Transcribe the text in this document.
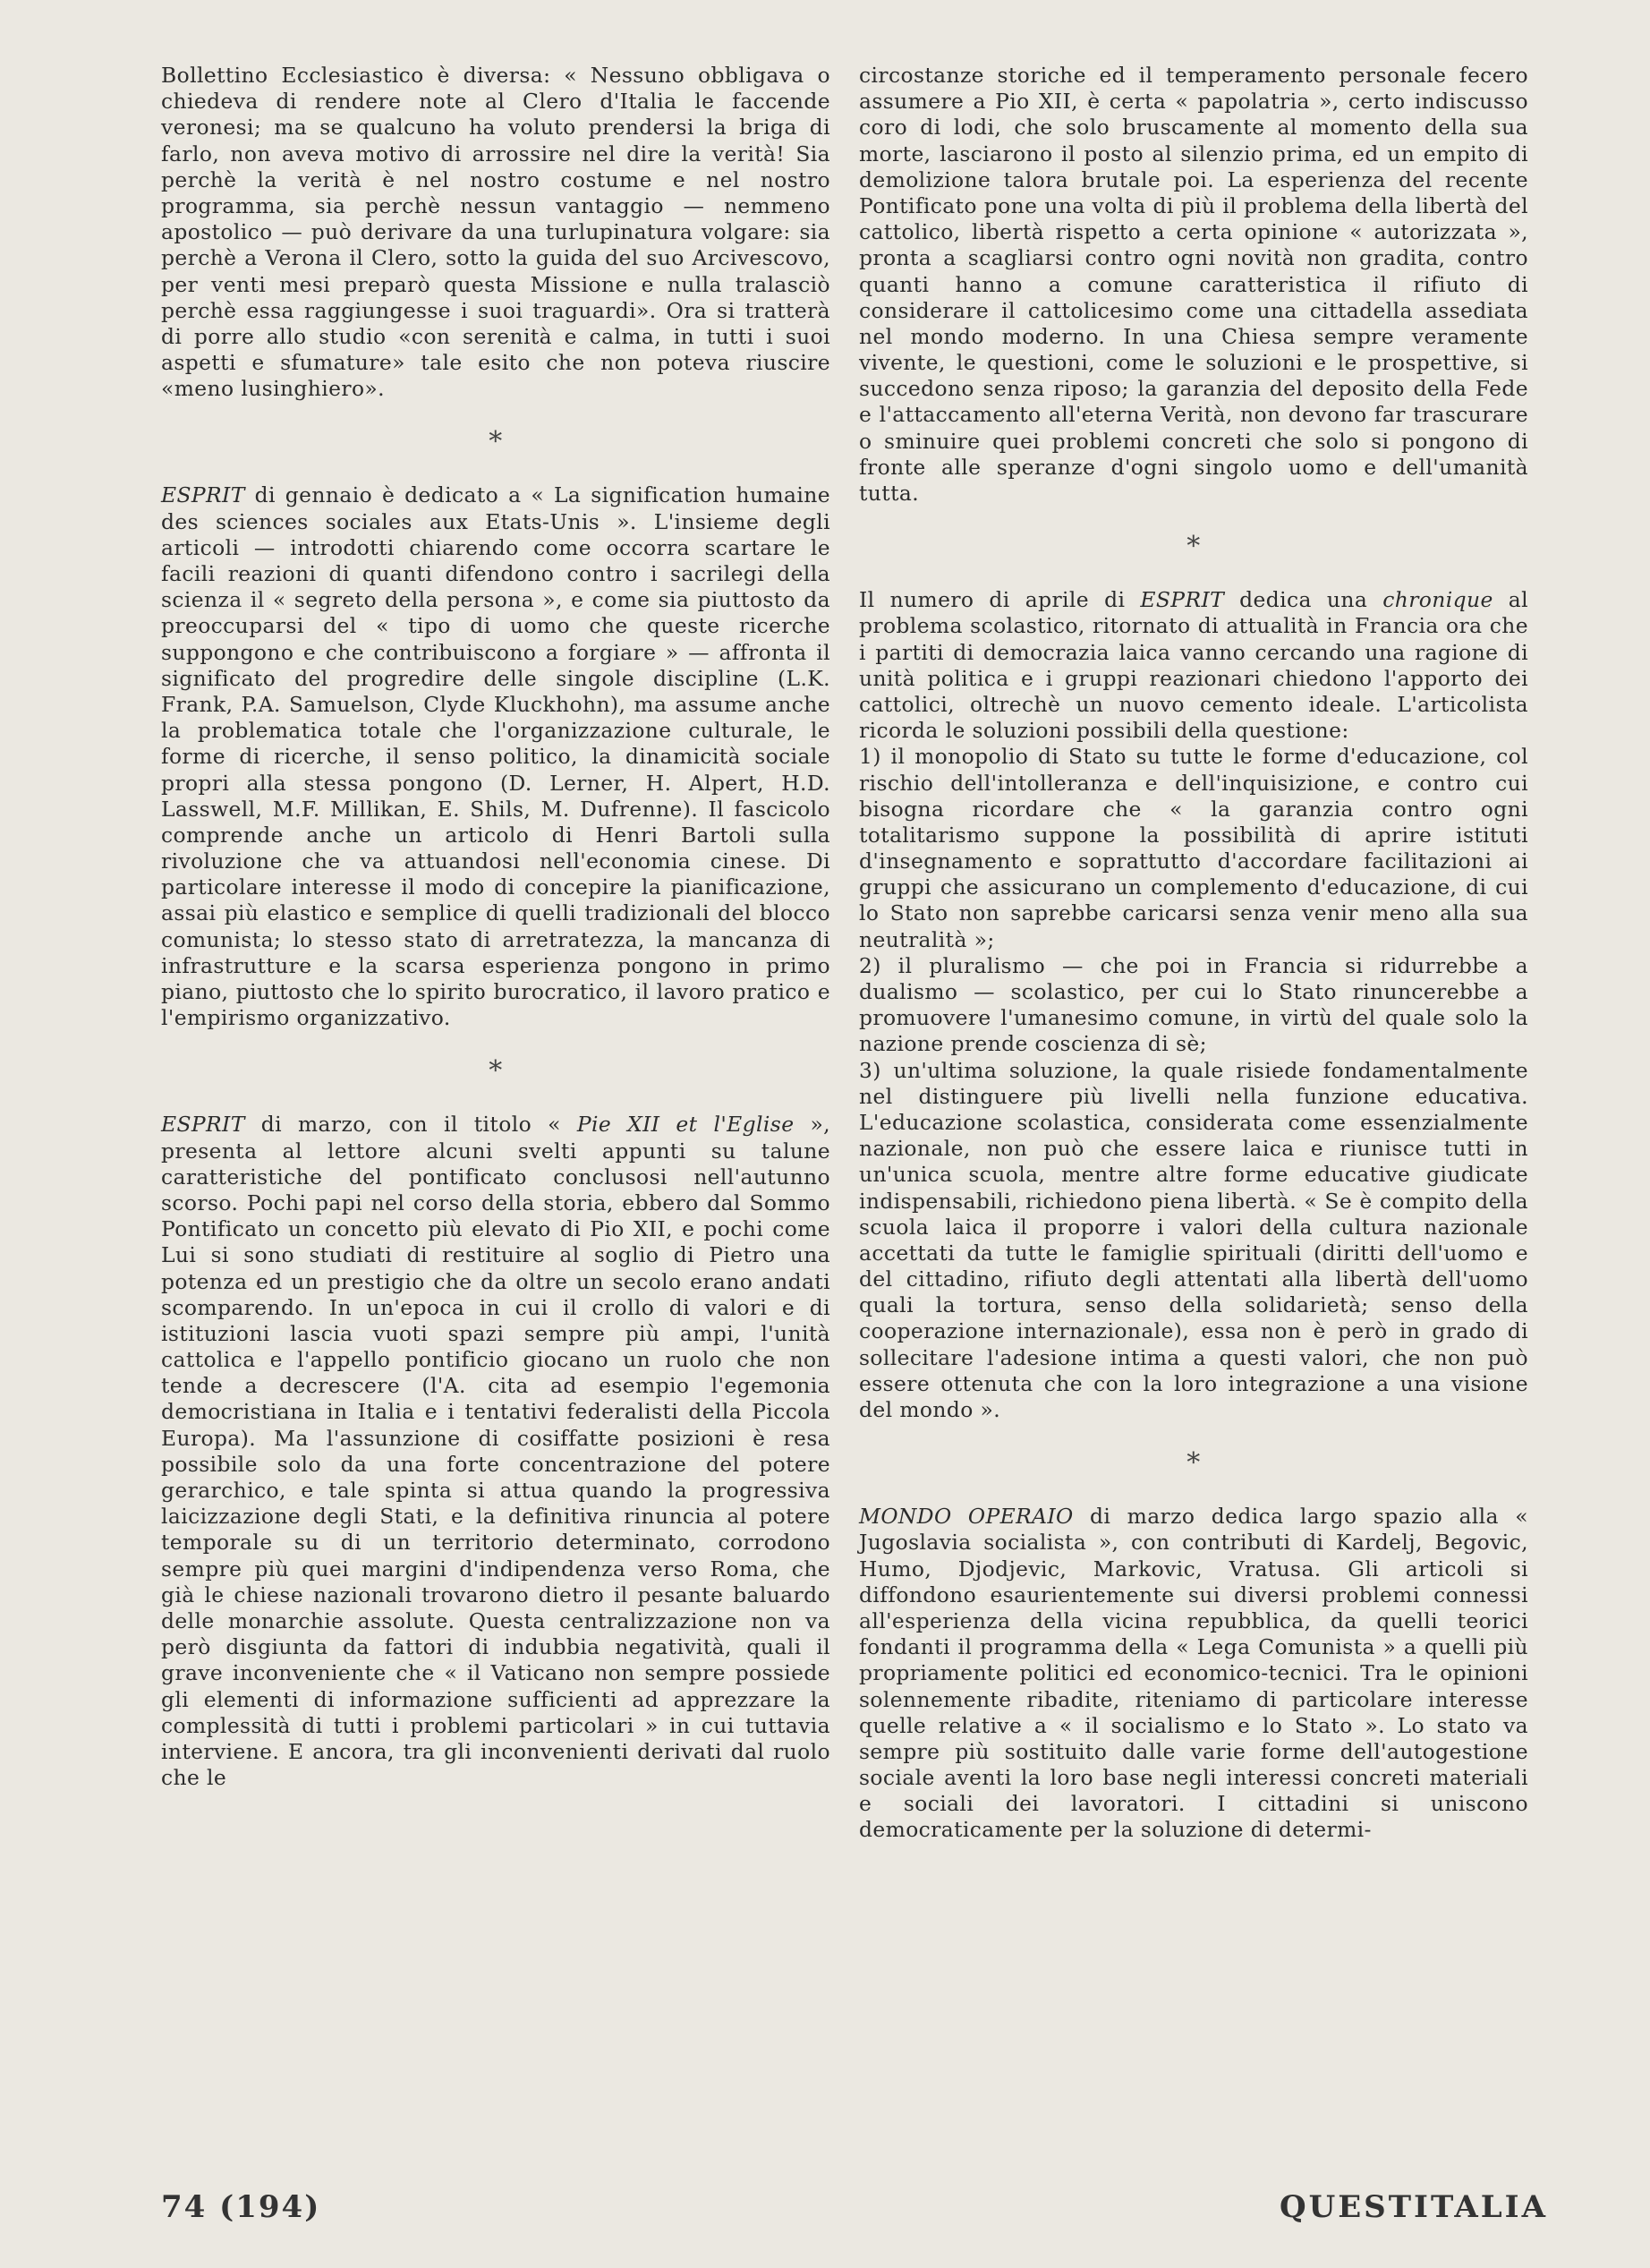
Bollettino Ecclesiastico è diversa: « Nessuno obbligava o chiedeva di rendere note al Clero d'Italia le faccende veronesi; ma se qualcuno ha voluto prendersi la briga di farlo, non aveva motivo di arrossire nel dire la verità! Sia perchè la verità è nel nostro costume e nel nostro programma, sia perchè nessun vantaggio — nemmeno apostolico — può derivare da una turlupinatura volgare: sia perchè a Verona il Clero, sotto la guida del suo Arcivescovo, per venti mesi preparò questa Missione e nulla tralasciò perchè essa raggiungesse i suoi traguardi». Ora si tratterà di porre allo studio «con serenità e calma, in tutti i suoi aspetti e sfumature» tale esito che non poteva riuscire «meno lusinghiero».

*

ESPRIT di gennaio è dedicato a « La signification humaine des sciences sociales aux Etats-Unis ». L'insieme degli articoli — introdotti chiarendo come occorra scartare le facili reazioni di quanti difendono contro i sacrilegi della scienza il « segreto della persona », e come sia piuttosto da preoccuparsi del « tipo di uomo che queste ricerche suppongono e che contribuiscono a forgiare » — affronta il significato del progredire delle singole discipline (L.K. Frank, P.A. Samuelson, Clyde Kluckhohn), ma assume anche la problematica totale che l'organizzazione culturale, le forme di ricerche, il senso politico, la dinamicità sociale propri alla stessa pongono (D. Lerner, H. Alpert, H.D. Lasswell, M.F. Millikan, E. Shils, M. Dufrenne). Il fascicolo comprende anche un articolo di Henri Bartoli sulla rivoluzione che va attuandosi nell'economia cinese. Di particolare interesse il modo di concepire la pianificazione, assai più elastico e semplice di quelli tradizionali del blocco comunista; lo stesso stato di arretratezza, la mancanza di infrastrutture e la scarsa esperienza pongono in primo piano, piuttosto che lo spirito burocratico, il lavoro pratico e l'empirismo organizzativo.

*

ESPRIT di marzo, con il titolo « Pie XII et l'Eglise », presenta al lettore alcuni svelti appunti su talune caratteristiche del pontificato conclusosi nell'autunno scorso. Pochi papi nel corso della storia, ebbero dal Sommo Pontificato un concetto più elevato di Pio XII, e pochi come Lui si sono studiati di restituire al soglio di Pietro una potenza ed un prestigio che da oltre un secolo erano andati scomparendo. In un'epoca in cui il crollo di valori e di istituzioni lascia vuoti spazi sempre più ampi, l'unità cattolica e l'appello pontificio giocano un ruolo che non tende a decrescere (l'A. cita ad esempio l'egemonia democristiana in Italia e i tentativi federalisti della Piccola Europa). Ma l'assunzione di cosiffatte posizioni è resa possibile solo da una forte concentrazione del potere gerarchico, e tale spinta si attua quando la progressiva laicizzazione degli Stati, e la definitiva rinuncia al potere temporale su di un territorio determinato, corrodono sempre più quei margini d'indipendenza verso Roma, che già le chiese nazionali trovarono dietro il pesante baluardo delle monarchie assolute. Questa centralizzazione non va però disgiunta da fattori di indubbia negatività, quali il grave inconveniente che « il Vaticano non sempre possiede gli elementi di informazione sufficienti ad apprezzare la complessità di tutti i problemi particolari » in cui tuttavia interviene. E ancora, tra gli inconvenienti derivati dal ruolo che le

circostanze storiche ed il temperamento personale fecero assumere a Pio XII, è certa « papolatria », certo indiscusso coro di lodi, che solo bruscamente al momento della sua morte, lasciarono il posto al silenzio prima, ed un empito di demolizione talora brutale poi. La esperienza del recente Pontificato pone una volta di più il problema della libertà del cattolico, libertà rispetto a certa opinione « autorizzata », pronta a scagliarsi contro ogni novità non gradita, contro quanti hanno a comune caratteristica il rifiuto di considerare il cattolicesimo come una cittadella assediata nel mondo moderno. In una Chiesa sempre veramente vivente, le questioni, come le soluzioni e le prospettive, si succedono senza riposo; la garanzia del deposito della Fede e l'attaccamento all'eterna Verità, non devono far trascurare o sminuire quei problemi concreti che solo si pongono di fronte alle speranze d'ogni singolo uomo e dell'umanità tutta.

*

Il numero di aprile di ESPRIT dedica una chronique al problema scolastico, ritornato di attualità in Francia ora che i partiti di democrazia laica vanno cercando una ragione di unità politica e i gruppi reazionari chiedono l'apporto dei cattolici, oltrechè un nuovo cemento ideale. L'articolista ricorda le soluzioni possibili della questione:

1) il monopolio di Stato su tutte le forme d'educazione, col rischio dell'intolleranza e dell'inquisizione, e contro cui bisogna ricordare che « la garanzia contro ogni totalitarismo suppone la possibilità di aprire istituti d'insegnamento e soprattutto d'accordare facilitazioni ai gruppi che assicurano un complemento d'educazione, di cui lo Stato non saprebbe caricarsi senza venir meno alla sua neutralità »;

2) il pluralismo — che poi in Francia si ridurrebbe a dualismo — scolastico, per cui lo Stato rinuncerebbe a promuovere l'umanesimo comune, in virtù del quale solo la nazione prende coscienza di sè;

3) un'ultima soluzione, la quale risiede fondamentalmente nel distinguere più livelli nella funzione educativa. L'educazione scolastica, considerata come essenzialmente nazionale, non può che essere laica e riunisce tutti in un'unica scuola, mentre altre forme educative giudicate indispensabili, richiedono piena libertà. « Se è compito della scuola laica il proporre i valori della cultura nazionale accettati da tutte le famiglie spirituali (diritti dell'uomo e del cittadino, rifiuto degli attentati alla libertà dell'uomo quali la tortura, senso della solidarietà; senso della cooperazione internazionale), essa non è però in grado di sollecitare l'adesione intima a questi valori, che non può essere ottenuta che con la loro integrazione a una visione del mondo ».

*

MONDO OPERAIO di marzo dedica largo spazio alla « Jugoslavia socialista », con contributi di Kardelj, Begovic, Humo, Djodjevic, Markovic, Vratusa. Gli articoli si diffondono esaurientemente sui diversi problemi connessi all'esperienza della vicina repubblica, da quelli teorici fondanti il programma della « Lega Comunista » a quelli più propriamente politici ed economico-tecnici. Tra le opinioni solennemente ribadite, riteniamo di particolare interesse quelle relative a « il socialismo e lo Stato ». Lo stato va sempre più sostituito dalle varie forme dell'autogestione sociale aventi la loro base negli interessi concreti materiali e sociali dei lavoratori. I cittadini si uniscono democraticamente per la soluzione di determi-

74 (194)	QUESTITALIA
